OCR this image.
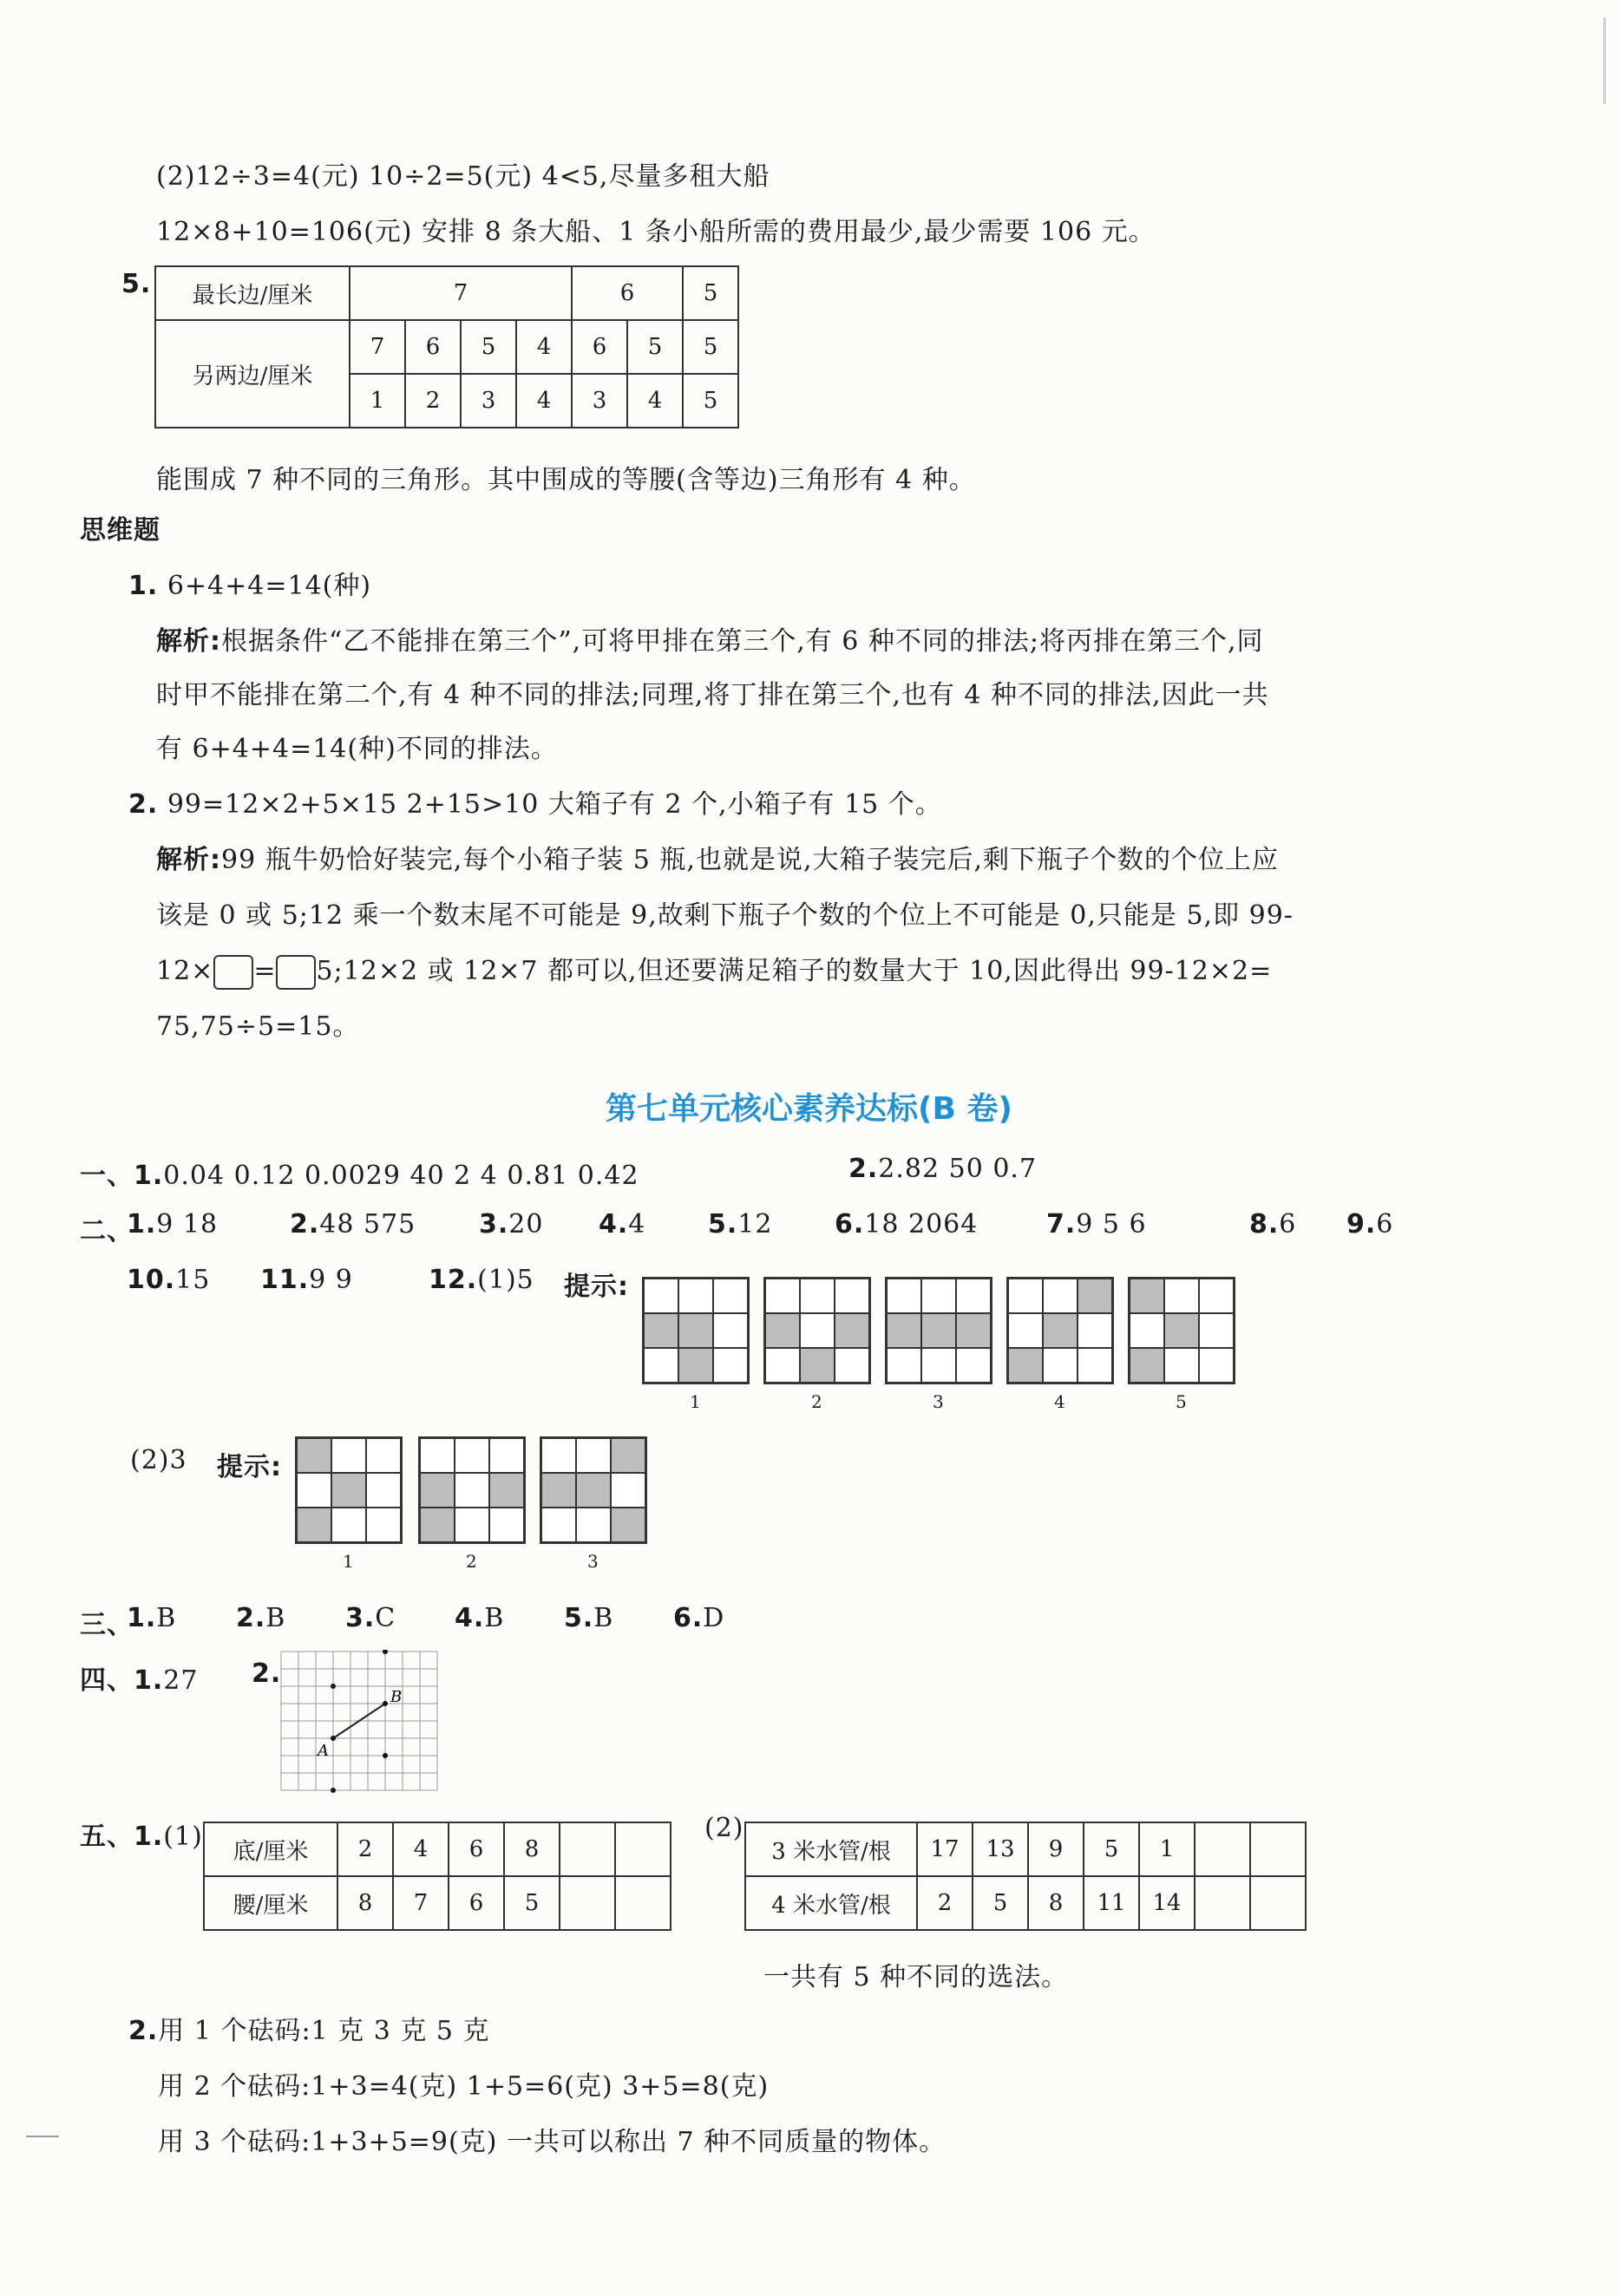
(2)12÷3=4(元) 10÷2=5(元) 4<5,尽量多租大船
12×8+10=106(元) 安排 8 条大船、1 条小船所需的费用最少,最少需要 106 元。
5. 最长边/厘米	7				6		5
另两边/厘米	7	6	5	4	6	5	5
	1	2	3	4	3	4	5
能围成 7 种不同的三角形。其中围成的等腰(含等边)三角形有 4 种。
思维题
1. 6+4+4=14(种)
解析:根据条件“乙不能排在第三个”,可将甲排在第三个,有 6 种不同的排法;将丙排在第三个,同
时甲不能排在第二个,有 4 种不同的排法;同理,将丁排在第三个,也有 4 种不同的排法,因此一共
有 6+4+4=14(种)不同的排法。
2. 99=12×2+5×15 2+15>10 大箱子有 2 个,小箱子有 15 个。
解析:99 瓶牛奶恰好装完,每个小箱子装 5 瓶,也就是说,大箱子装完后,剩下瓶子个数的个位上应
该是 0 或 5;12 乘一个数末尾不可能是 9,故剩下瓶子个数的个位上不可能是 0,只能是 5,即 99-
12× = 5;12×2 或 12×7 都可以,但还要满足箱子的数量大于 10,因此得出 99-12×2=
75,75÷5=15。
第七单元核心素养达标(B 卷)
一、1.0.04 0.12 0.0029 40 2 4 0.81 0.42	2.2.82 50 0.7
二、
1.9 18	2.48 575 3.20 4.4 5.12 6.18 2064	7.9 5 6	8.6 9.6
10.15 11.9 9	12.(1)5 提示:
1	2	3	4	5
(2)3 提示:
1	2	3
三、
1.B 2.B 3.C 4.B 5.B 6.D
四、1.27 2.
A
B
五、1.(1) 底/厘米	2	4	6	8		
腰/厘米	8	7	6	5		
(2)
3 米水管/根	17	13	9	5	1		
4 米水管/根	2	5	8	11	14		
一共有 5 种不同的选法。
2.用 1 个砝码:1 克 3 克 5 克
用 2 个砝码:1+3=4(克) 1+5=6(克) 3+5=8(克)
用 3 个砝码:1+3+5=9(克) 一共可以称出 7 种不同质量的物体。
